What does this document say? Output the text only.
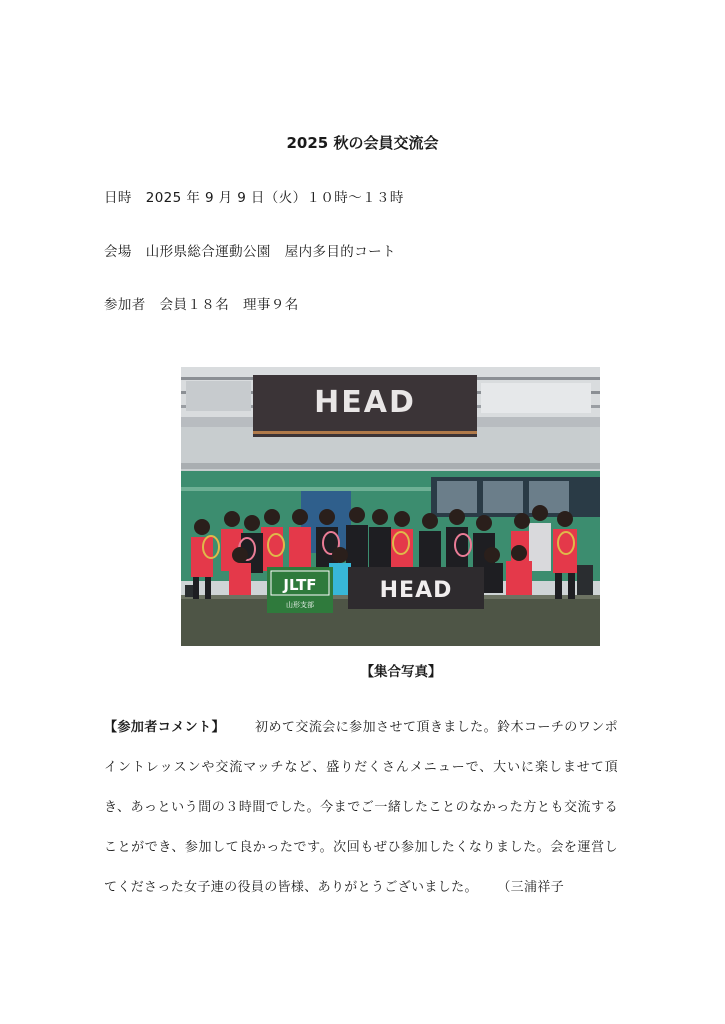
2025 秋の会員交流会
日時　2025 年 9 月 9 日（火）１０時～１３時
会場　山形県総合運動公園　屋内多目的コート
参加者　会員１８名　理事９名
HEAD
JLTF
山形支部
HEAD
【集合写真】
【参加者コメント】 初めて交流会に参加させて頂きました。鈴木コーチのワンポイントレッスンや交流マッチなど、盛りだくさんメニューで、大いに楽しませて頂き、あっという間の３時間でした。今までご一緒したことのなかった方とも交流することができ、参加して良かったです。次回もぜひ参加したくなりました。会を運営してくださった女子連の役員の皆様、ありがとうございました。 （三浦祥子
